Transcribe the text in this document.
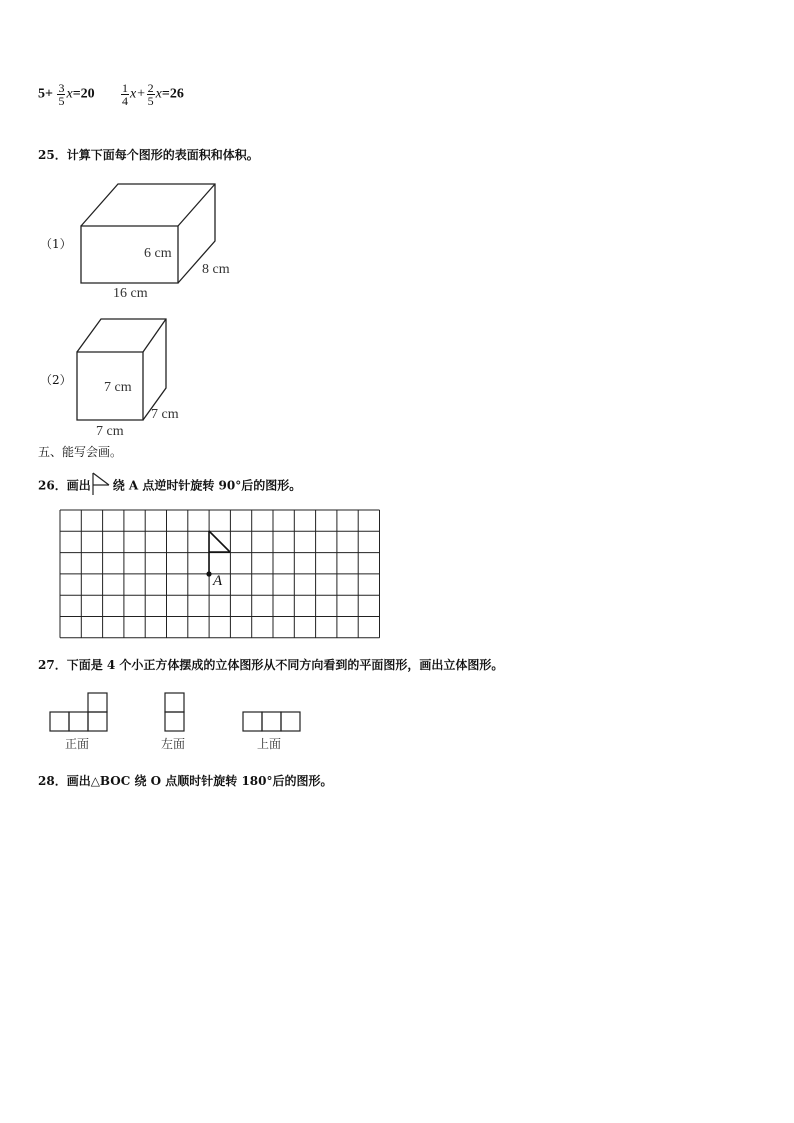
$5+ \frac{3}{5} x=20 \frac{1}{4} x+ \frac{2}{5} x=26$
25．计算下面每个图形的表面积和体积。
（1）
6 cm
8 cm
16 cm
（2） 7 cm
7 cm
7 cm
五、能写会画。
26．画出 绕 A 点逆时针旋转 90°后的图形。
A
27．下面是 4 个小正方体摆成的立体图形从不同方向看到的平面图形，画出立体图形。
正面	左面	上面
28．画出△BOC 绕 O 点顺时针旋转 180°后的图形。
